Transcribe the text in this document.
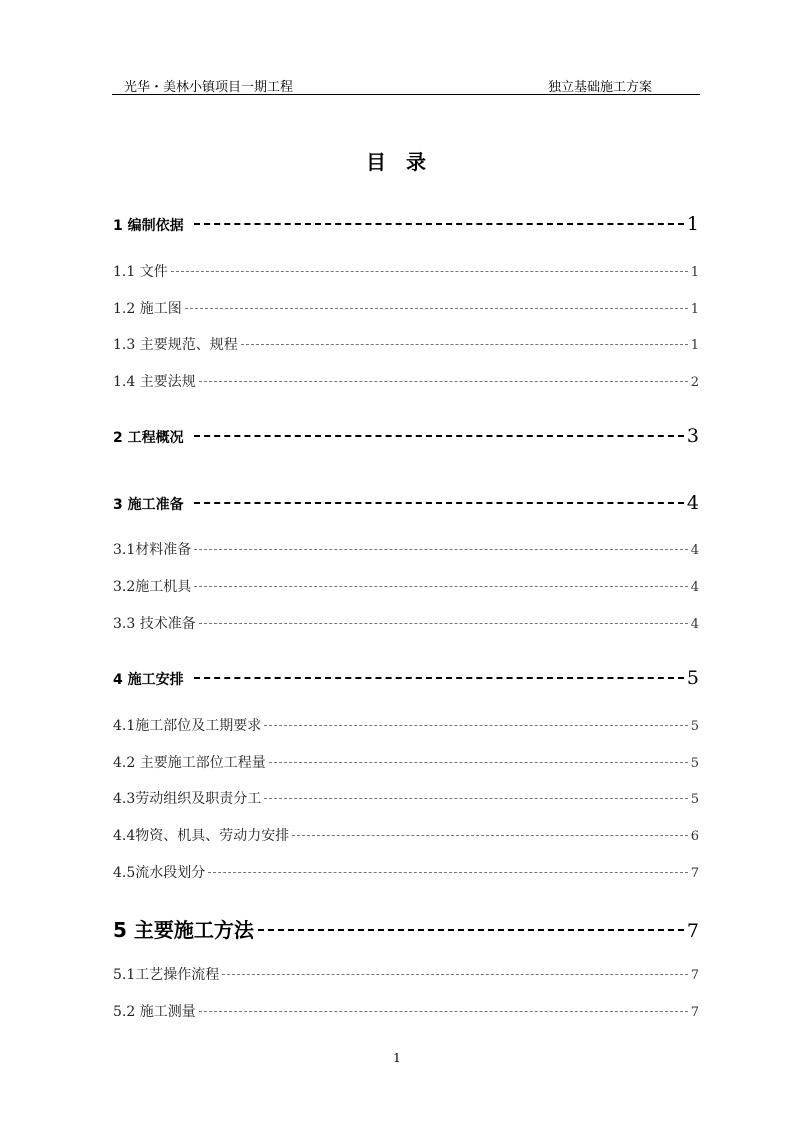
光华・美林小镇项目一期工程	独立基础施工方案
目 录
1 编制依据	1
1.1 文件	1
1.2 施工图	1
1.3 主要规范、规程	1
1.4 主要法规	2
2 工程概况	3
3 施工准备	4
3.1材料准备	4
3.2施工机具	4
3.3 技术准备	4
4 施工安排	5
4.1施工部位及工期要求	5
4.2 主要施工部位工程量	5
4.3劳动组织及职责分工	5
4.4物资、机具、劳动力安排	6
4.5流水段划分	7
5 主要施工方法	7
5.1工艺操作流程	7
5.2 施工测量	7
1
